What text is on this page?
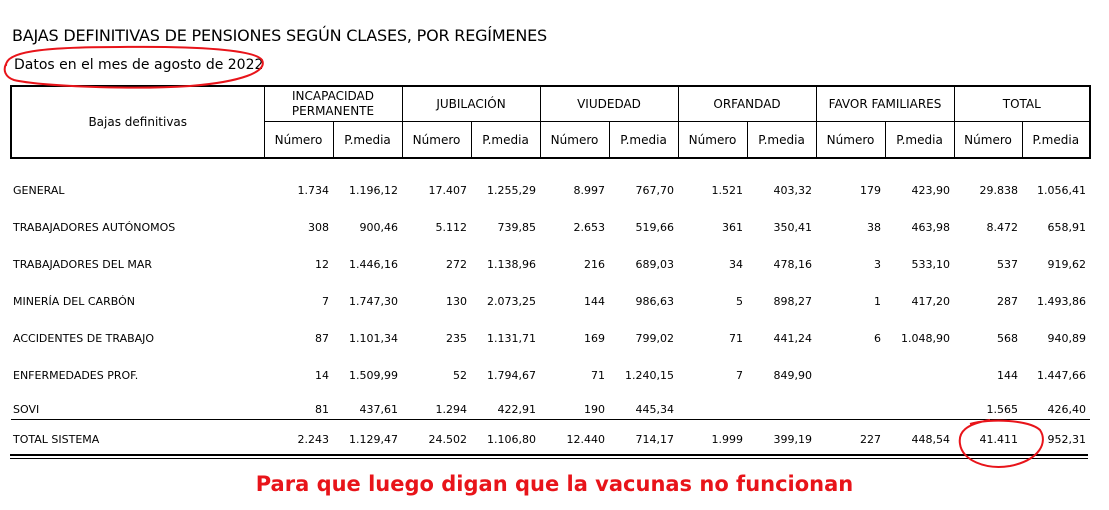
BAJAS DEFINITIVAS DE PENSIONES SEGÚN CLASES, POR REGÍMENES
Datos en el mes de agosto de 2022
Bajas definitivas	INCAPACIDAD PERMANENTE		JUBILACIÓN		VIUDEDAD		ORFANDAD		FAVOR FAMILIARES		TOTAL	
	Número	P.media	Número	P.media	Número	P.media	Número	P.media	Número	P.media	Número	P.media

GENERAL	1.734	1.196,12	17.407	1.255,29	8.997	767,70	1.521	403,32	179	423,90	29.838	1.056,41
TRABAJADORES AUTÓNOMOS	308	900,46	5.112	739,85	2.653	519,66	361	350,41	38	463,98	8.472	658,91
TRABAJADORES DEL MAR	12	1.446,16	272	1.138,96	216	689,03	34	478,16	3	533,10	537	919,62
MINERÍA DEL CARBÓN	7	1.747,30	130	2.073,25	144	986,63	5	898,27	1	417,20	287	1.493,86
ACCIDENTES DE TRABAJO	87	1.101,34	235	1.131,71	169	799,02	71	441,24	6	1.048,90	568	940,89
ENFERMEDADES PROF.	14	1.509,99	52	1.794,67	71	1.240,15	7	849,90			144	1.447,66
SOVI	81	437,61	1.294	422,91	190	445,34					1.565	426,40
TOTAL SISTEMA	2.243	1.129,47	24.502	1.106,80	12.440	714,17	1.999	399,19	227	448,54	41.411	952,31
Para que luego digan que la vacunas no funcionan
